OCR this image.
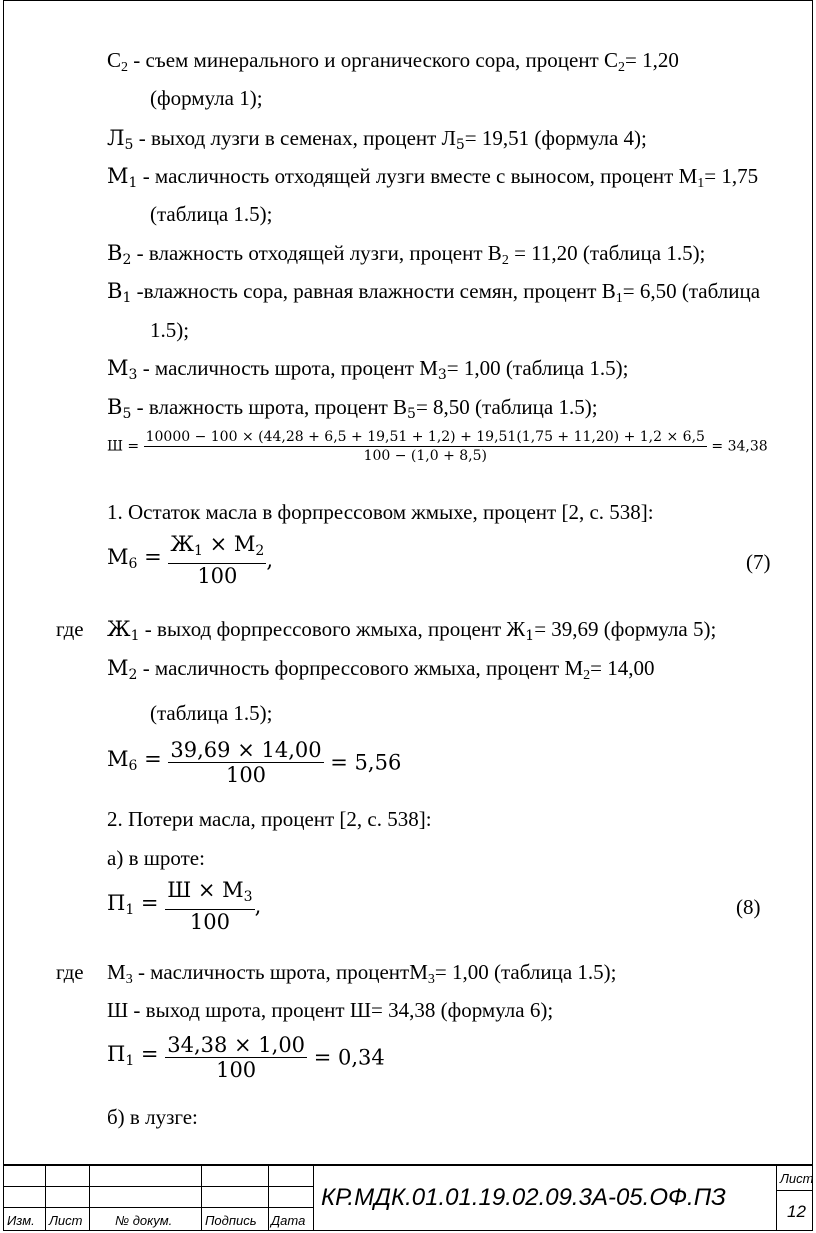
$С_2$ - съем минерального и органического сора, процент $С_2= 1,20$
(формула 1);
$Л_5$ - выход лузги в семенах, процент $Л_5= 19,51$ (формула 4);
$М_1$ - масличность отходящей лузги вместе с выносом, процент $М_1= 1,75$
(таблица 1.5);
$В_2$ - влажность отходящей лузги, процент $В_2 = 11,20$ (таблица 1.5);
$В_1$ -влажность сора, равная влажности семян, процент $В_1= 6,50$ (таблица
1.5);
$М_3$ - масличность шрота, процент $М_3= 1,00$ (таблица 1.5);
$В_5$ - влажность шрота, процент $В_5= 8,50$ (таблица 1.5);
Ш =
10000 − 100 × (44,28 + 6,5 + 19,51 + 1,2) + 19,51(1,75 + 11,20) + 1,2 × 6,5
100 − (1,0 + 8,5)
= 34,38
1. Остаток масла в форпрессовом жмыхе, процент [2, с. 538]:
$М_6 = \frac{Ж_1 \times М_2}{100}$ ,	(7)
где $Ж_1$ - выход форпрессового жмыха, процент $Ж_1= 39,69$ (формула 5);
$М_2$ - масличность форпрессового жмыха, процент $М_2= 14,00$
(таблица 1.5);
$М_6 = \frac{39,69 \times 14,00}{100} = 5,56$
2. Потери масла, процент [2, с. 538]:
а) в шроте:
$П_1 = \frac{Ш \times М_3}{100}$ ,	(8)
где $М_3$ - масличность шрота, процентМ$_3$= 1,00 (таблица 1.5);
Ш - выход шрота, процент Ш= 34,38 (формула 6);
$П_1 = \frac{34,38 \times 1,00}{100} = 0,34$
б) в лузге:
Изм. Лист	№ докум.	Подпись Дата
КР.МДК.01.01.19.02.09.3А-05.ОФ.ПЗ
Лист
12
